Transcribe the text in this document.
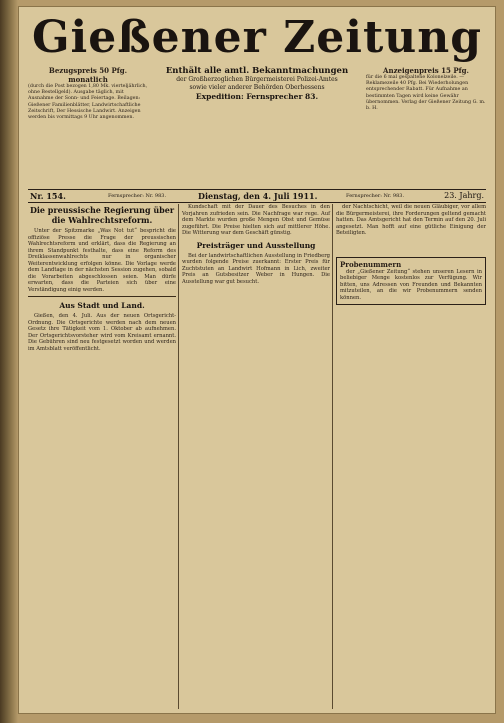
Gießener Zeitung
Bezugspreis 50 Pfg. monatlich
(durch die Post bezogen 1,80 Mk. vierteljährlich, ohne Bestellgeld). Ausgabe täglich, mit Ausnahme der Sonn- und Feiertage. Beilagen: Gießener Familienblätter, Landwirtschaftliche Zeitschrift, Der Hessische Landwirt. Anzeigen werden bis vormittags 9 Uhr angenommen.
Enthält alle amtl. Bekanntmachungen
der Großherzoglichen Bürgermeisterei Polizei-Amtes
sowie vieler anderer Behörden Oberhessens
Expedition: Fernsprecher 83.
Anzeigenpreis 15 Pfg.
für die 6 mal gespaltene Kolonelzeile. — Reklamezeile 40 Pfg. Bei Wiederholungen entsprechender Rabatt. Für Aufnahme an bestimmten Tagen wird keine Gewähr übernommen. Verlag der Gießener Zeitung G. m. b. H.
Nr. 154.	Fernsprecher: Nr. 983.	Dienstag, den 4. Juli 1911.	Fernsprecher: Nr. 983.	23. Jahrg.
Die preussische Regierung über die Wahlrechtsreform.

Unter der Spitzmarke „Was Not tut“ bespricht die offiziöse Presse die Frage der preussischen Wahlrechtsreform und erklärt, dass die Regierung an ihrem Standpunkt festhalte, dass eine Reform des Dreiklassenwahlrechts nur in organischer Weiterentwicklung erfolgen könne. Die Vorlage werde dem Landtage in der nächsten Session zugehen, sobald die Vorarbeiten abgeschlossen seien. Man dürfe erwarten, dass die Parteien sich über eine Verständigung einig werden.

Aus Stadt und Land.

Gießen, den 4. Juli. Aus der neuen Ortsgericht-Ordnung. Die Ortsgerichte werden nach dem neuen Gesetz ihre Tätigkeit vom 1. Oktober ab aufnehmen. Der Ortsgerichtsvorsteher wird vom Kreisamt ernannt. Die Gebühren sind neu festgesetzt worden und werden im Amtsblatt veröffentlicht.

Kundschaft mit der Dauer des Besuches in den Vorjahren zufrieden sein. Die Nachfrage war rege. Auf dem Markte wurden große Mengen Obst und Gemüse zugeführt. Die Preise hielten sich auf mittlerer Höhe. Die Witterung war dem Geschäft günstig.

Preisträger und Ausstellung

Bei der landwirtschaftlichen Ausstellung in Friedberg wurden folgende Preise zuerkannt: Erster Preis für Zuchtstuten an Landwirt Hofmann in Lich, zweiter Preis an Gutsbesitzer Weber in Hungen. Die Ausstellung war gut besucht.

der Nachtschicht, weil die neuen Gläubiger, vor allem die Bürgermeisterei, ihre Forderungen geltend gemacht hatten. Das Amtsgericht hat den Termin auf den 20. Juli angesetzt. Man hofft auf eine gütliche Einigung der Beteiligten.

Probenummern

der „Gießener Zeitung“ stehen unseren Lesern in beliebiger Menge kostenlos zur Verfügung. Wir bitten, uns Adressen von Freunden und Bekannten mitzuteilen, an die wir Probenummern senden können.
